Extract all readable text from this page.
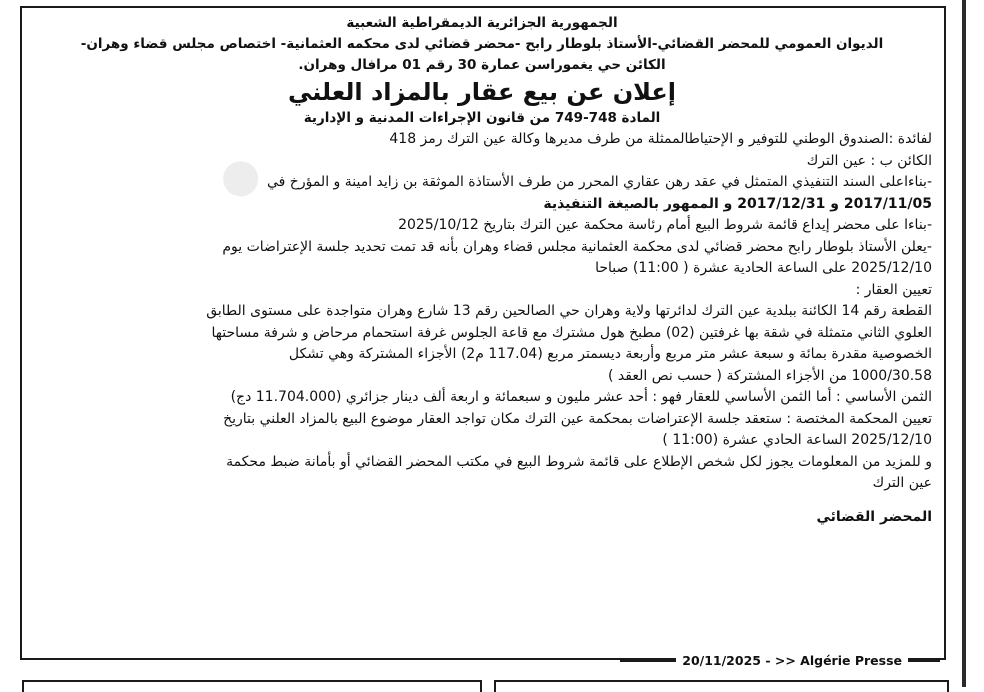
●
الجمهورية الجزائرية الديمقراطية الشعبية
الديوان العمومي للمحضر القضائي-الأستاذ بلوطار رابح -محضر قضائي لدى محكمه العثمانية- اختصاص مجلس قضاء وهران-
الكائن حي يغموراسن عمارة 30 رقم 01 مرافال وهران.
إعلان عن بيع عقار بالمزاد العلني
المادة 748-749 من قانون الإجراءات المدنية و الإدارية
لفائدة :الصندوق الوطني للتوفير و الإحتياطالممثلة من طرف مديرها وكالة عين الترك رمز 418
الكائن ب : عين الترك
-بناءاعلى السند التنفيذي المتمثل في عقد رهن عقاري المحرر من طرف الأستاذة الموثقة بن زايد امينة و المؤرخ في
2017/11/05 و 2017/12/31 و الممهور بالصيغة التنفيذية
-بناءا على محضر إيداع قائمة شروط البيع أمام رئاسة محكمة عين الترك بتاريخ 2025/10/12
-يعلن الأستاذ بلوطار رابح محضر قضائي لدى محكمة العثمانية مجلس قضاء وهران بأنه قد تمت تحديد جلسة الإعتراضات يوم
2025/12/10 على الساعة الحادية عشرة ( 11:00) صباحا
تعيين العقار :
القطعة رقم 14 الكائنة ببلدية عين الترك لدائرتها ولاية وهران حي الصالحين رقم 13 شارع وهران متواجدة على مستوى الطابق
العلوي الثاني متمثلة في شقة بها غرفتين (02) مطبخ هول مشترك مع قاعة الجلوس غرفة استحمام مرحاض و شرفة مساحتها
الخصوصية مقدرة بمائة و سبعة عشر متر مربع وأربعة ديسمتر مربع (117.04 م2) الأجزاء المشتركة وهي تشكل
1000/30.58 من الأجزاء المشتركة ( حسب نص العقد )
الثمن الأساسي : أما الثمن الأساسي للعقار فهو : أحد عشر مليون و سبعمائة و اربعة ألف دينار جزائري (11.704.000 دج)
تعيين المحكمة المختصة : ستعقد جلسة الإعتراضات بمحكمة عين الترك مكان تواجد العقار موضوع البيع بالمزاد العلني بتاريخ
2025/12/10 الساعة الحادي عشرة (11:00 )
و للمزيد من المعلومات يجوز لكل شخص الإطلاع على قائمة شروط البيع في مكتب المحضر القضائي أو بأمانة ضبط محكمة
عين الترك
المحضر القضائي
20/11/2025 - >> Algérie Presse
